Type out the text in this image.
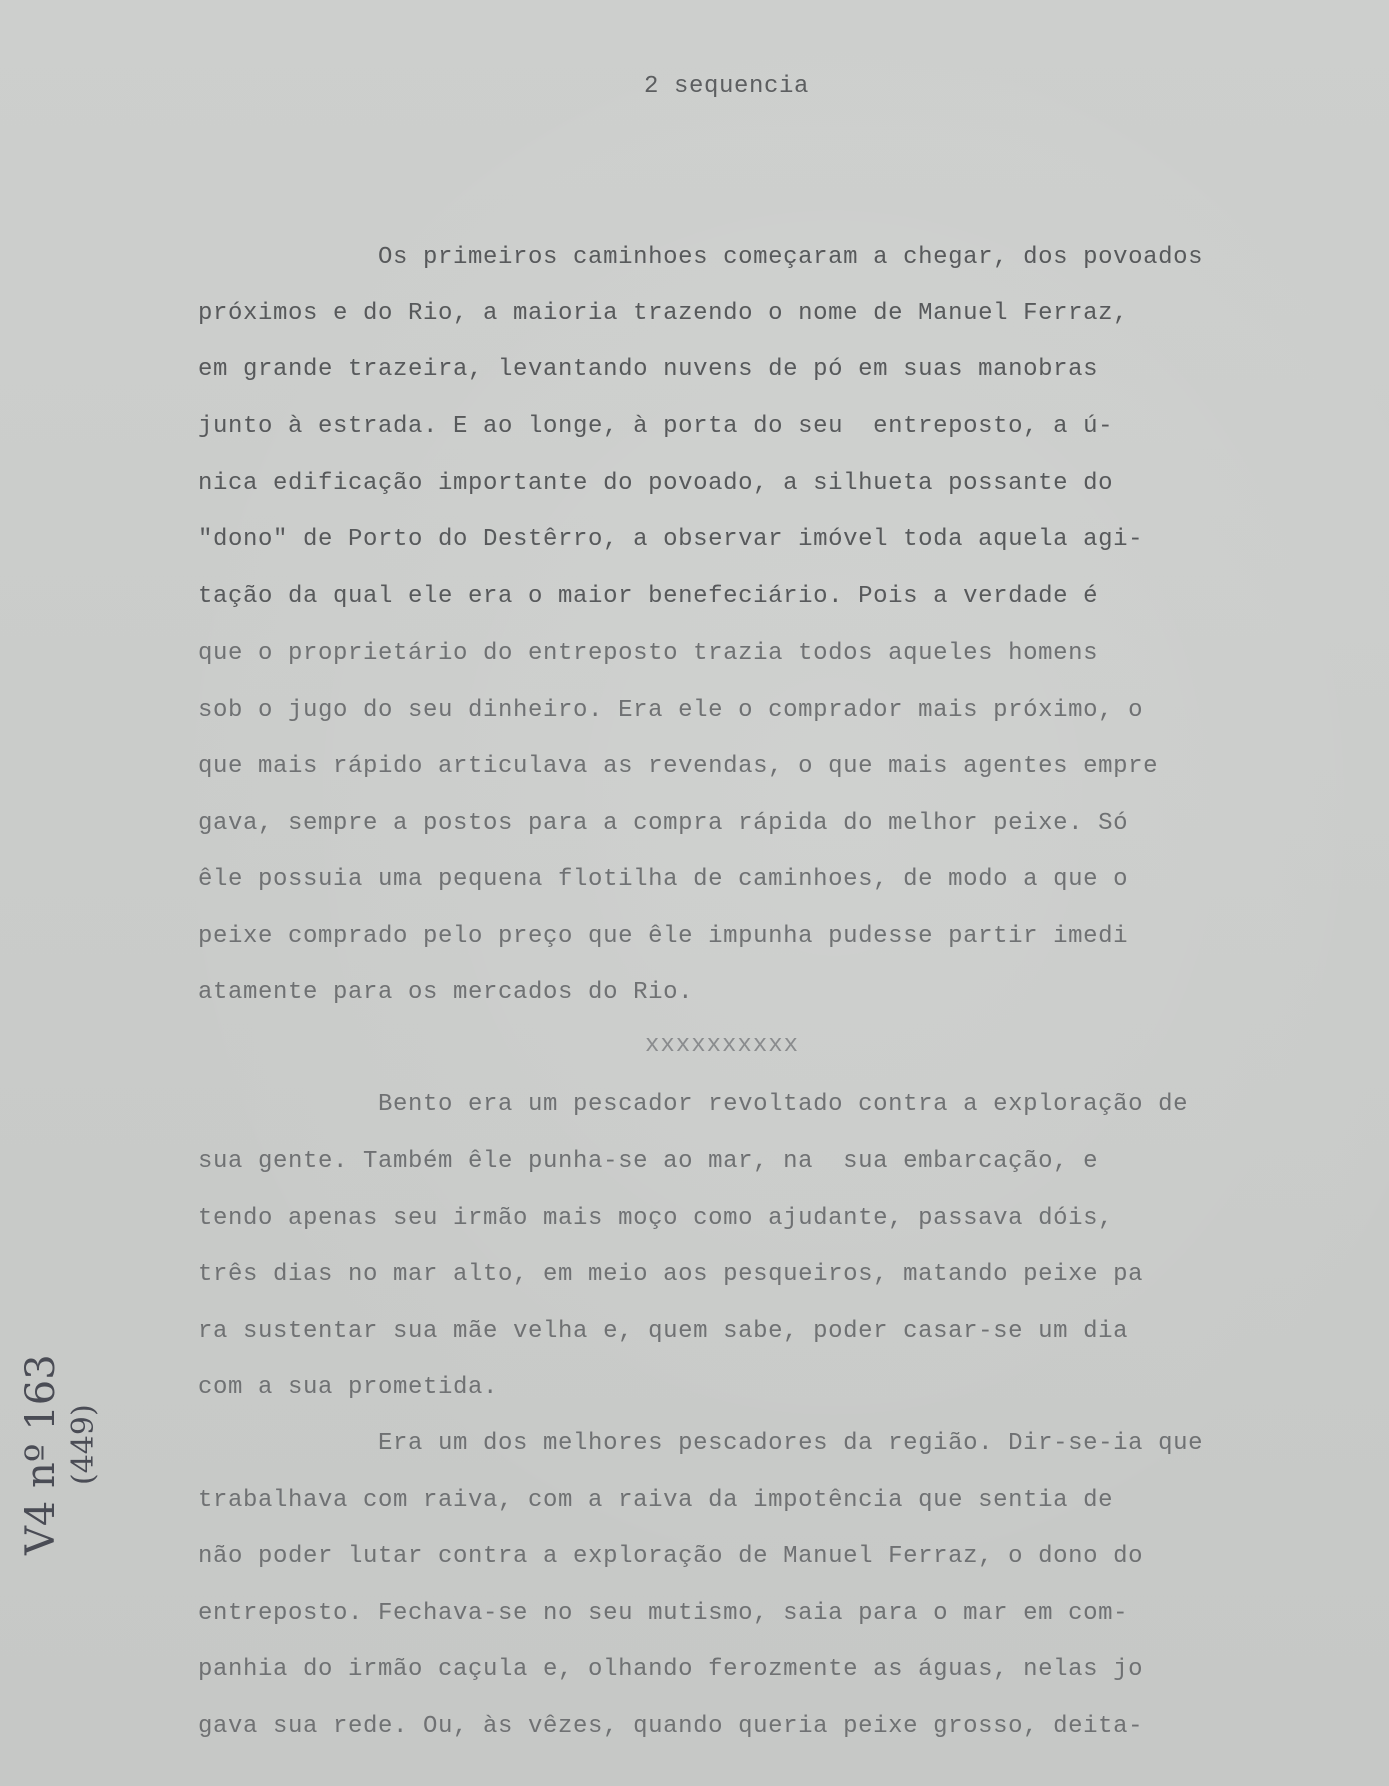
2 sequencia

Os primeiros caminhoes começaram a chegar, dos povoados

próximos e do Rio, a maioria trazendo o nome de Manuel Ferraz,

em grande trazeira, levantando nuvens de pó em suas manobras

junto à estrada. E ao longe, à porta do seu  entreposto, a ú-

nica edificação importante do povoado, a silhueta possante do

"dono" de Porto do Destêrro, a observar imóvel toda aquela agi-

tação da qual ele era o maior benefeciário. Pois a verdade é

que o proprietário do entreposto trazia todos aqueles homens

sob o jugo do seu dinheiro. Era ele o comprador mais próximo, o

que mais rápido articulava as revendas, o que mais agentes empre

gava, sempre a postos para a compra rápida do melhor peixe. Só

êle possuia uma pequena flotilha de caminhoes, de modo a que o

peixe comprado pelo preço que êle impunha pudesse partir imedi

atamente para os mercados do Rio.

xxxxxxxxxx

Bento era um pescador revoltado contra a exploração de

sua gente. Também êle punha-se ao mar, na  sua embarcação, e

tendo apenas seu irmão mais moço como ajudante, passava dóis,

três dias no mar alto, em meio aos pesqueiros, matando peixe pa

ra sustentar sua mãe velha e, quem sabe, poder casar-se um dia

com a sua prometida.

Era um dos melhores pescadores da região. Dir-se-ia que

trabalhava com raiva, com a raiva da impotência que sentia de

não poder lutar contra a exploração de Manuel Ferraz, o dono do

entreposto. Fechava-se no seu mutismo, saia para o mar em com-

panhia do irmão caçula e, olhando ferozmente as águas, nelas jo

gava sua rede. Ou, às vêzes, quando queria peixe grosso, deita-

V4 nº 163 (449)
